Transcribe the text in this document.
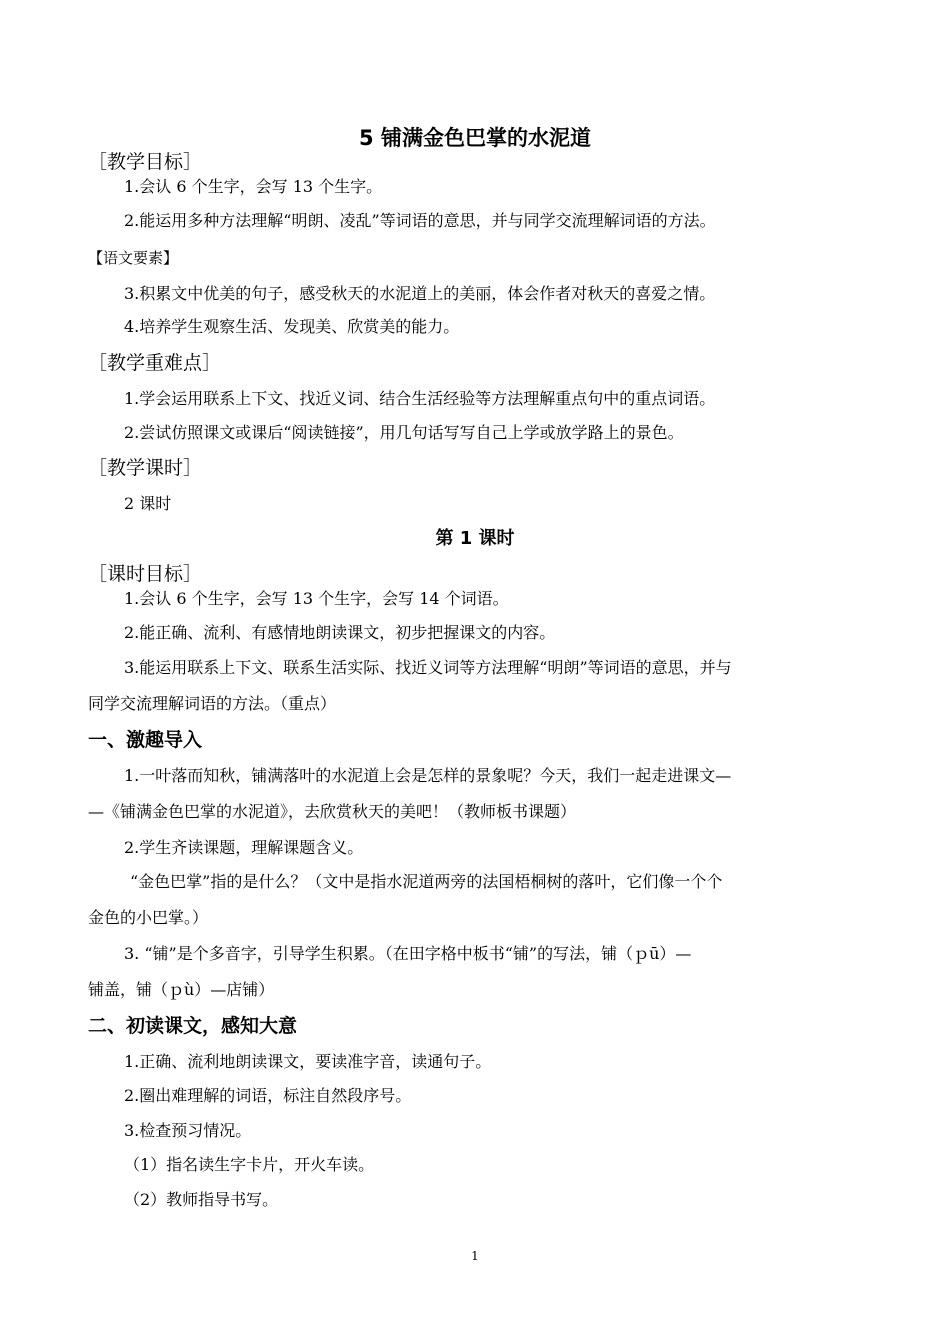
5 铺满金色巴掌的水泥道
［教学目标］
1.会认 6 个生字，会写 13 个生字。
2.能运用多种方法理解“明朗、凌乱”等词语的意思，并与同学交流理解词语的方法。
【语文要素】
3.积累文中优美的句子，感受秋天的水泥道上的美丽，体会作者对秋天的喜爱之情。
4.培养学生观察生活、发现美、欣赏美的能力。
［教学重难点］
1.学会运用联系上下文、找近义词、结合生活经验等方法理解重点句中的重点词语。
2.尝试仿照课文或课后“阅读链接”，用几句话写写自己上学或放学路上的景色。
［教学课时］
2 课时
第 1 课时
［课时目标］
1.会认 6 个生字，会写 13 个生字，会写 14 个词语。
2.能正确、流利、有感情地朗读课文，初步把握课文的内容。
3.能运用联系上下文、联系生活实际、找近义词等方法理解“明朗”等词语的意思，并与
同学交流理解词语的方法。（重点）
一、激趣导入
1.一叶落而知秋，铺满落叶的水泥道上会是怎样的景象呢？今天，我们一起走进课文—
—《铺满金色巴掌的水泥道》，去欣赏秋天的美吧！（教师板书课题）
2.学生齐读课题，理解课题含义。
“金色巴掌”指的是什么？（文中是指水泥道两旁的法国梧桐树的落叶，它们像一个个
金色的小巴掌。）
3. “铺”是个多音字，引导学生积累。（在田字格中板书“铺”的写法，铺（ｐū）—
铺盖，铺（ｐù）—店铺）
二、初读课文，感知大意
1.正确、流利地朗读课文，要读准字音，读通句子。
2.圈出难理解的词语，标注自然段序号。
3.检查预习情况。
（1）指名读生字卡片，开火车读。
（2）教师指导书写。
1
